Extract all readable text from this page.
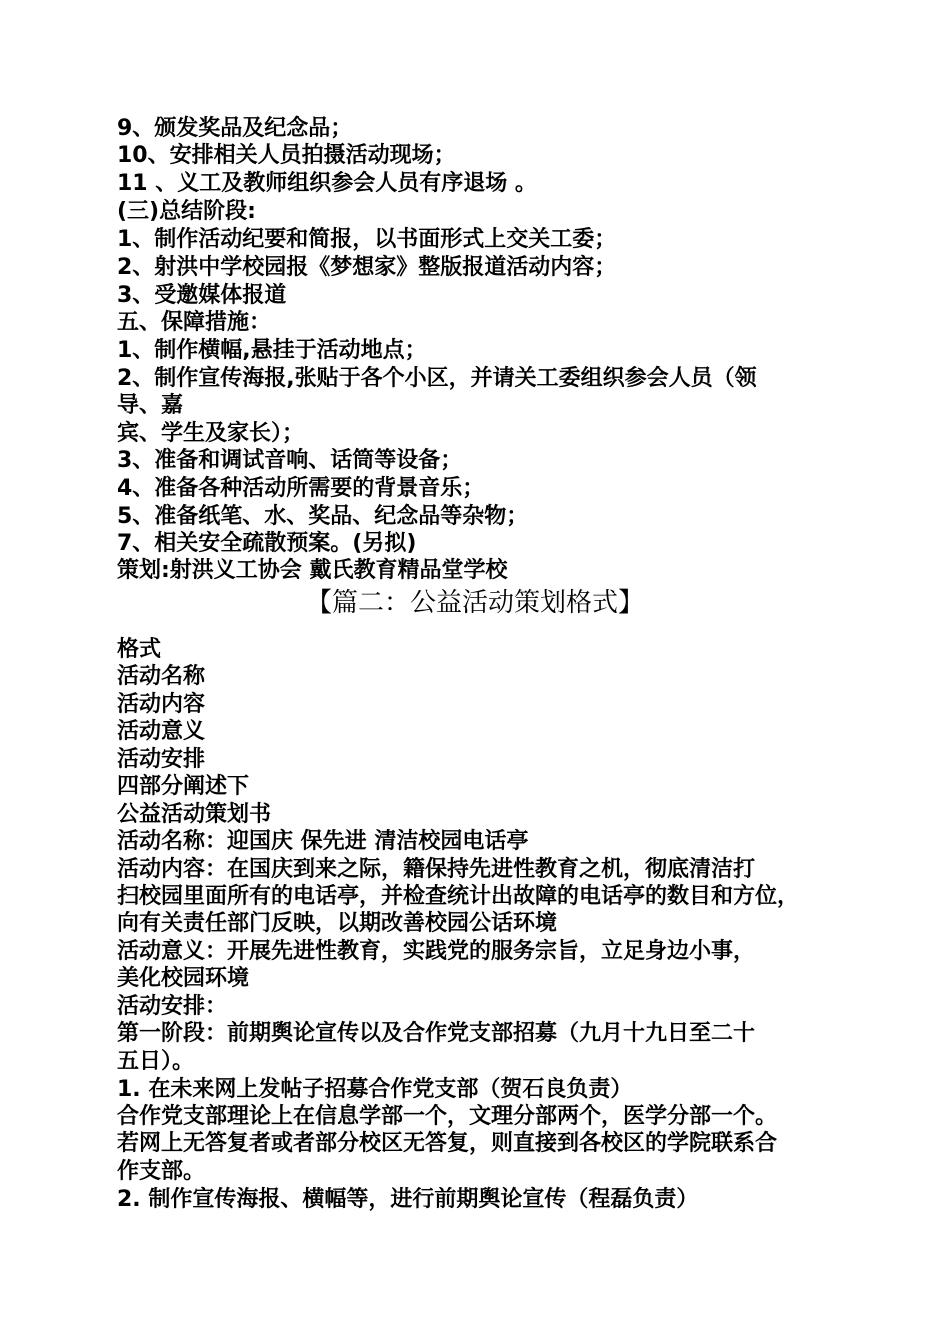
9、颁发奖品及纪念品；
10、安排相关人员拍摄活动现场；
11 、义工及教师组织参会人员有序退场 。
(三)总结阶段:
1、制作活动纪要和简报，以书面形式上交关工委；
2、射洪中学校园报《梦想家》整版报道活动内容；
3、受邀媒体报道
五、保障措施：
1、制作横幅,悬挂于活动地点；
2、制作宣传海报,张贴于各个小区，并请关工委组织参会人员（领
导、嘉
宾、学生及家长）；
3、准备和调试音响、话筒等设备；
4、准备各种活动所需要的背景音乐；
5、准备纸笔、水、奖品、纪念品等杂物；
7、相关安全疏散预案。(另拟)
策划:射洪义工协会 戴氏教育精品堂学校
【篇二：公益活动策划格式】
格式
活动名称
活动内容
活动意义
活动安排
四部分阐述下
公益活动策划书
活动名称：迎国庆 保先进 清洁校园电话亭
活动内容：在国庆到来之际，籍保持先进性教育之机，彻底清洁打
扫校园里面所有的电话亭，并检查统计出故障的电话亭的数目和方位，
向有关责任部门反映，以期改善校园公话环境
活动意义：开展先进性教育，实践党的服务宗旨，立足身边小事，
美化校园环境
活动安排：
第一阶段：前期舆论宣传以及合作党支部招募（九月十九日至二十
五日）。
1. 在未来网上发帖子招募合作党支部（贺石良负责）
合作党支部理论上在信息学部一个，文理分部两个，医学分部一个。
若网上无答复者或者部分校区无答复，则直接到各校区的学院联系合
作支部。
2. 制作宣传海报、横幅等，进行前期舆论宣传（程磊负责）
